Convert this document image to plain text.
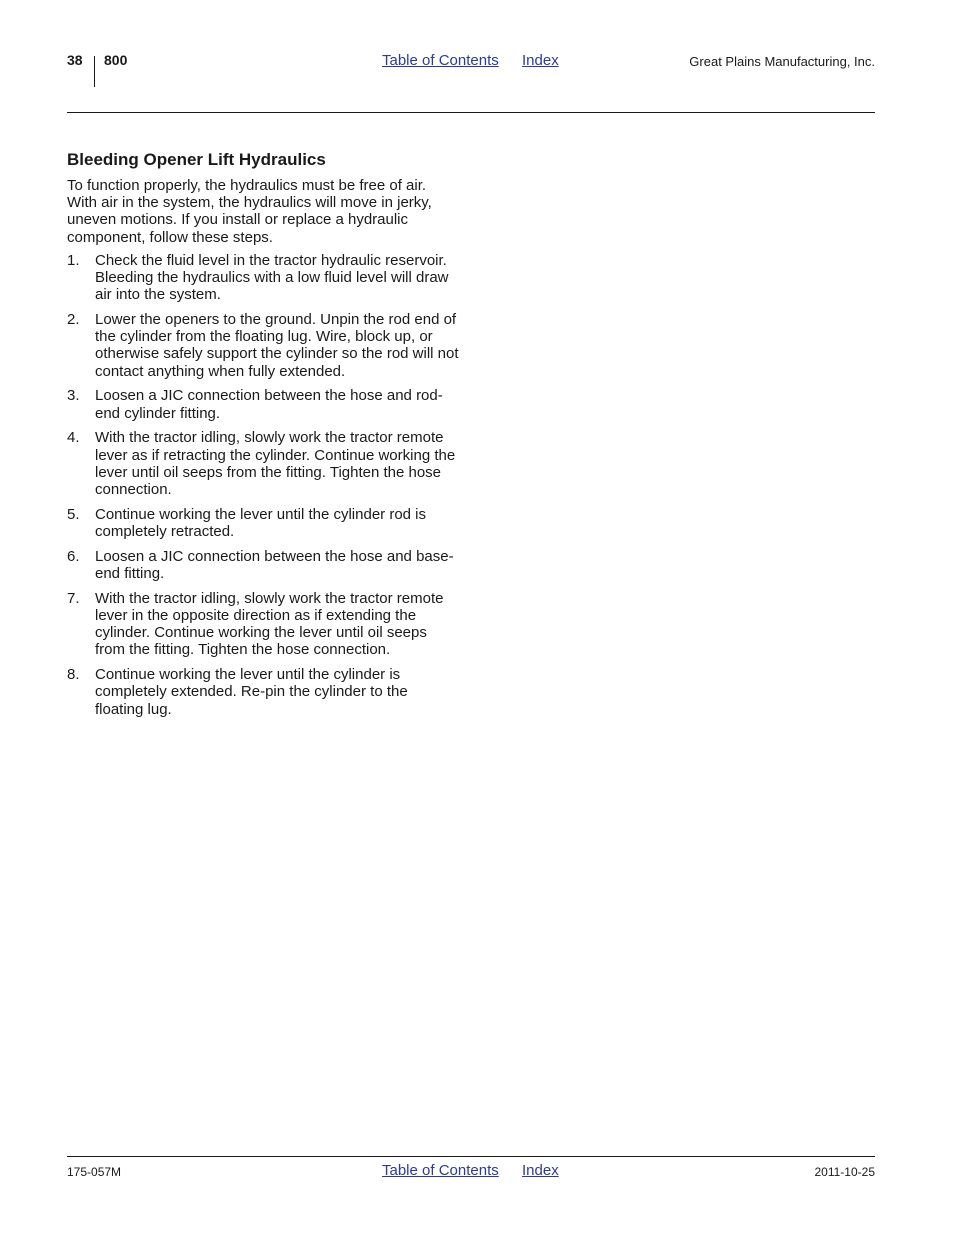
38 800	Table of Contents Index	Great Plains Manufacturing, Inc.
Bleeding Opener Lift Hydraulics

To function properly, the hydraulics must be free of air. With air in the system, the hydraulics will move in jerky, uneven motions. If you install or replace a hydraulic component, follow these steps.

1.	Check the fluid level in the tractor hydraulic reservoir. Bleeding the hydraulics with a low fluid level will draw air into the system.
2.	Lower the openers to the ground. Unpin the rod end of the cylinder from the floating lug. Wire, block up, or otherwise safely support the cylinder so the rod will not contact anything when fully extended.
3.	Loosen a JIC connection between the hose and rod-end cylinder fitting.
4.	With the tractor idling, slowly work the tractor remote lever as if retracting the cylinder. Continue working the lever until oil seeps from the fitting. Tighten the hose connection.
5.	Continue working the lever until the cylinder rod is completely retracted.
6.	Loosen a JIC connection between the hose and base-end fitting.
7.	With the tractor idling, slowly work the tractor remote lever in the opposite direction as if extending the cylinder. Continue working the lever until oil seeps from the fitting. Tighten the hose connection.
8.	Continue working the lever until the cylinder is completely extended. Re-pin the cylinder to the floating lug.
175-057M	Table of Contents Index	2011-10-25
